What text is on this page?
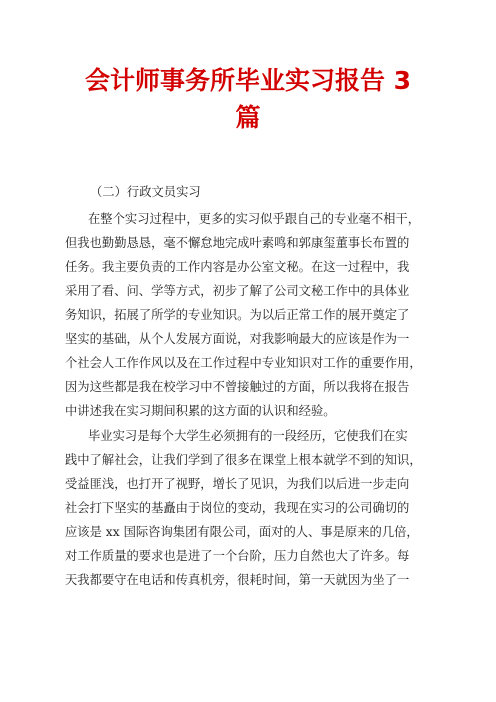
会计师事务所毕业实习报告 3
篇

（二）行政文员实习

在整个实习过程中，更多的实习似乎跟自己的专业毫不相干，

但我也勤勤恳恳，毫不懈怠地完成叶素鸣和郭康玺董事长布置的

任务。我主要负责的工作内容是办公室文秘。在这一过程中，我

采用了看、问、学等方式，初步了解了公司文秘工作中的具体业

务知识，拓展了所学的专业知识。为以后正常工作的展开奠定了

坚实的基础，从个人发展方面说，对我影响最大的应该是作为一

个社会人工作作风以及在工作过程中专业知识对工作的重要作用，

因为这些都是我在校学习中不曾接触过的方面，所以我将在报告

中讲述我在实习期间积累的这方面的认识和经验。

毕业实习是每个大学生必须拥有的一段经历，它使我们在实

践中了解社会，让我们学到了很多在课堂上根本就学不到的知识，

受益匪浅，也打开了视野，增长了见识，为我们以后进一步走向

社会打下坚实的基矗由于岗位的变动，我现在实习的公司确切的

应该是 xx 国际咨询集团有限公司，面对的人、事是原来的几倍，

对工作质量的要求也是进了一个台阶，压力自然也大了许多。每

天我都要守在电话和传真机旁，很耗时间，第一天就因为坐了一
